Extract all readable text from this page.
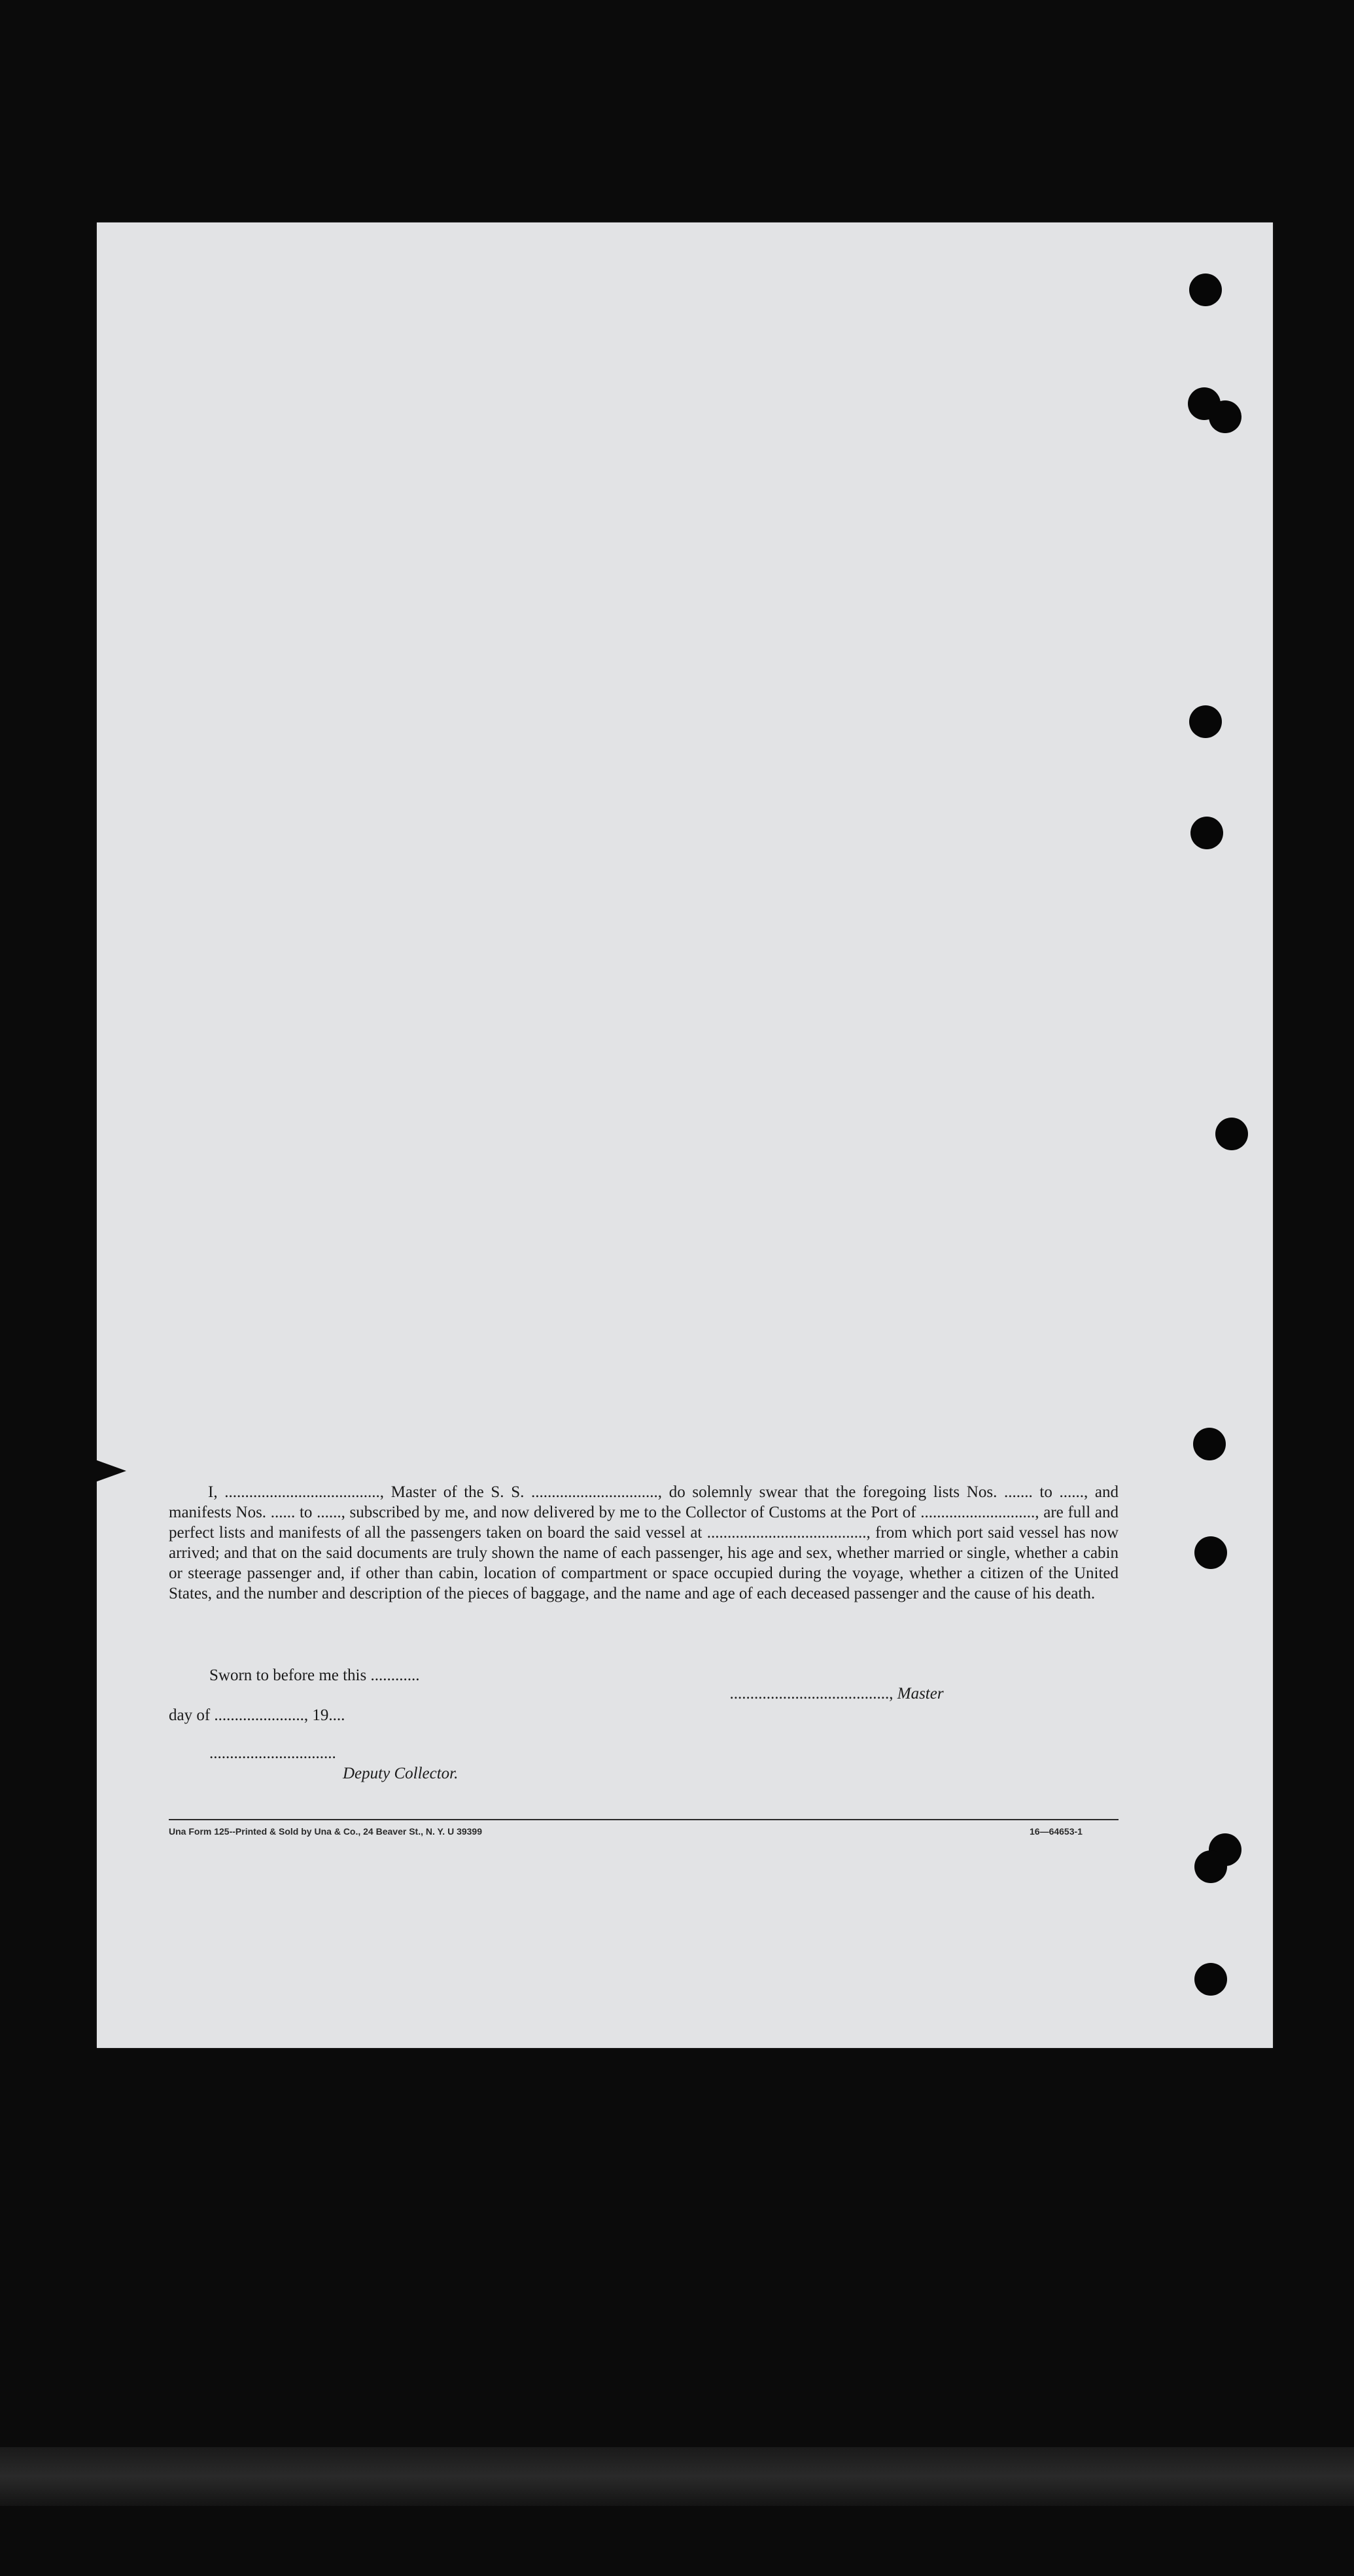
I, ......................................, Master of the S. S. ..............................., do solemnly swear that the foregoing lists Nos. ....... to ......, and manifests Nos. ...... to ......, subscribed by me, and now delivered by me to the Collector of Customs at the Port of ............................, are full and perfect lists and manifests of all the passengers taken on board the said vessel at ......................................., from which port said vessel has now arrived; and that on the said documents are truly shown the name of each passenger, his age and sex, whether married or single, whether a cabin or steerage passenger and, if other than cabin, location of compartment or space occupied during the voyage, whether a citizen of the United States, and the number and description of the pieces of baggage, and the name and age of each deceased passenger and the cause of his death.

Sworn to before me this ............

......................................., Master

day of ......................, 19....
...............................
Deputy Collector.
Una Form 125--Printed & Sold by Una & Co., 24 Beaver St., N. Y. U 39399	16—64653-1
